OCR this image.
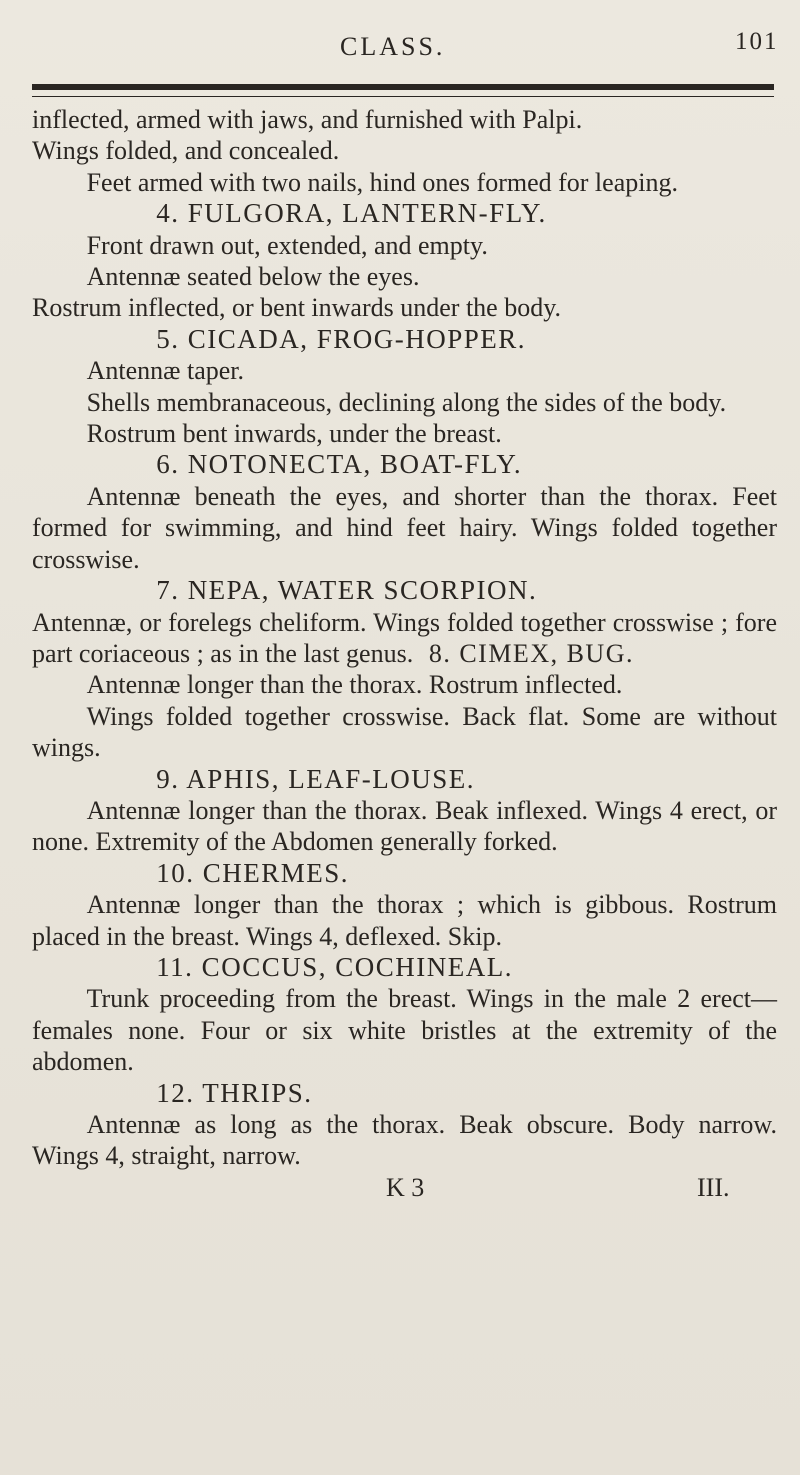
CLASS.	101

inflected, armed with jaws, and furnished with Palpi.

Wings folded, and concealed.

Feet armed with two nails, hind ones formed for leaping.

4. FULGORA, LANTERN-FLY.

Front drawn out, extended, and empty.

Antennæ seated below the eyes.

Rostrum inflected, or bent inwards under the body.

5. CICADA, FROG-HOPPER.

Antennæ taper.

Shells membranaceous, declining along the sides of the body.

Rostrum bent inwards, under the breast.

6. NOTONECTA, BOAT-FLY.

Antennæ beneath the eyes, and shorter than the thorax. Feet formed for swimming, and hind feet hairy. Wings folded together crosswise.

7. NEPA, WATER SCORPION.

Antennæ, or forelegs cheliform. Wings folded together crosswise ; fore part coriaceous ; as in the last genus. 8. CIMEX, BUG.

Antennæ longer than the thorax. Rostrum inflected.

Wings folded together crosswise. Back flat. Some are without wings.

9. APHIS, LEAF-LOUSE.

Antennæ longer than the thorax. Beak inflexed. Wings 4 erect, or none. Extremity of the Abdomen generally forked.

10. CHERMES.

Antennæ longer than the thorax ; which is gibbous. Rostrum placed in the breast. Wings 4, deflexed. Skip.

11. COCCUS, COCHINEAL.

Trunk proceeding from the breast. Wings in the male 2 erect—females none. Four or six white bristles at the extremity of the abdomen.

12. THRIPS.

Antennæ as long as the thorax. Beak obscure. Body narrow. Wings 4, straight, narrow.

K 3	III.
